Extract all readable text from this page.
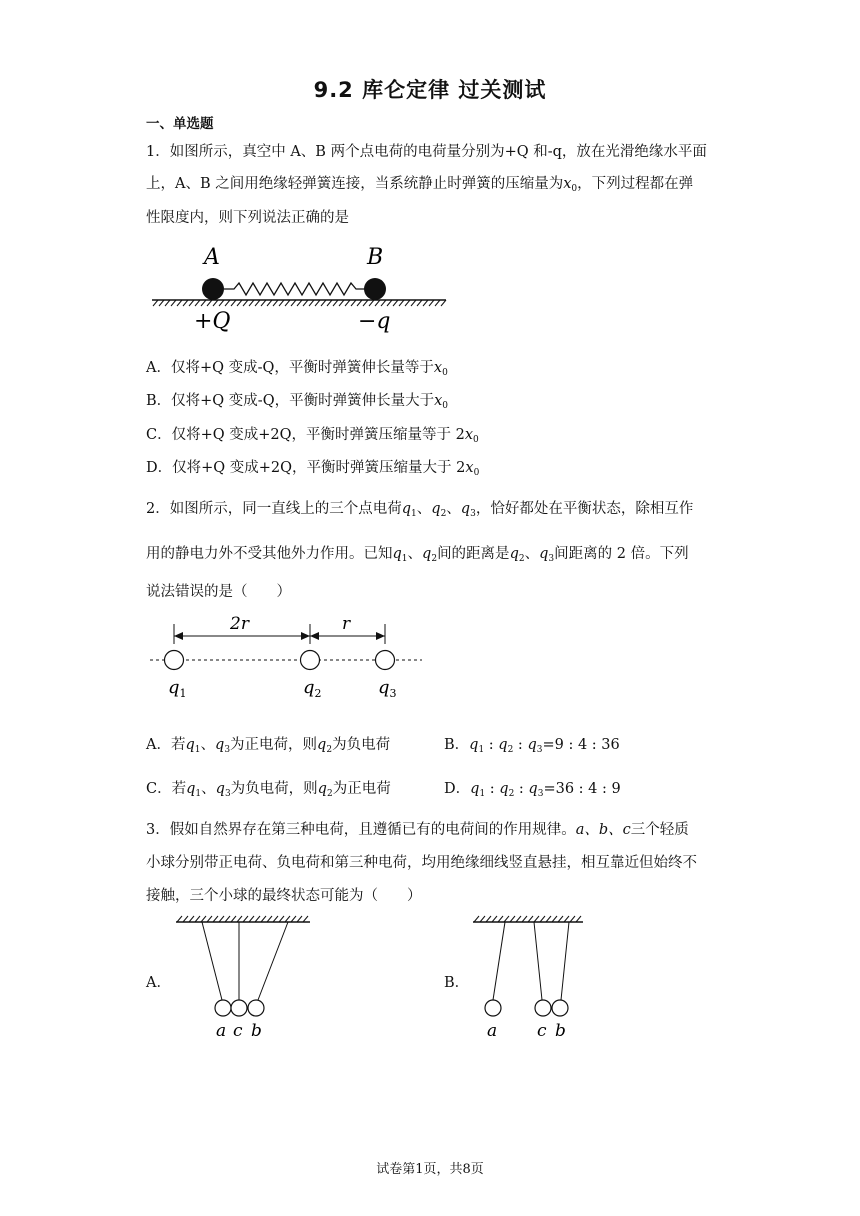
9.2 库仑定律 过关测试
一、单选题
1．如图所示，真空中 A、B 两个点电荷的电荷量分别为+Q 和-q，放在光滑绝缘水平面
上，A、B 之间用绝缘轻弹簧连接，当系统静止时弹簧的压缩量为$x_0$，下列过程都在弹
性限度内，则下列说法正确的是
A	B
+Q	−q
A．仅将+Q 变成-Q，平衡时弹簧伸长量等于$x_0$
B．仅将+Q 变成-Q，平衡时弹簧伸长量大于$x_0$
C．仅将+Q 变成+2Q，平衡时弹簧压缩量等于 $2x_0$
D．仅将+Q 变成+2Q，平衡时弹簧压缩量大于 $2x_0$
2．如图所示，同一直线上的三个点电荷$q_1$、$q_2$、$q_3$，恰好都处在平衡状态，除相互作
用的静电力外不受其他外力作用。已知$q_1$、$q_2$间的距离是$q_2$、$q_3$间距离的 2 倍。下列
说法错误的是（　　）
2r	r
$q_1$	$q_2$	$q_3$
A．若$q_1$、$q_3$为正电荷，则$q_2$为负电荷	B．$q_1$ : $q_2$ : $q_3=9$ : 4 : 36
C．若$q_1$、$q_3$为负电荷，则$q_2$为正电荷	D．$q_1$ : $q_2$ : $q_3=36$ : 4 : 9
3．假如自然界存在第三种电荷，且遵循已有的电荷间的作用规律。a、b、c三个轻质
小球分别带正电荷、负电荷和第三种电荷，均用绝缘细线竖直悬挂，相互靠近但始终不
接触，三个小球的最终状态可能为（　　）
A．	B．
a c b	a c b
试卷第1页，共8页
